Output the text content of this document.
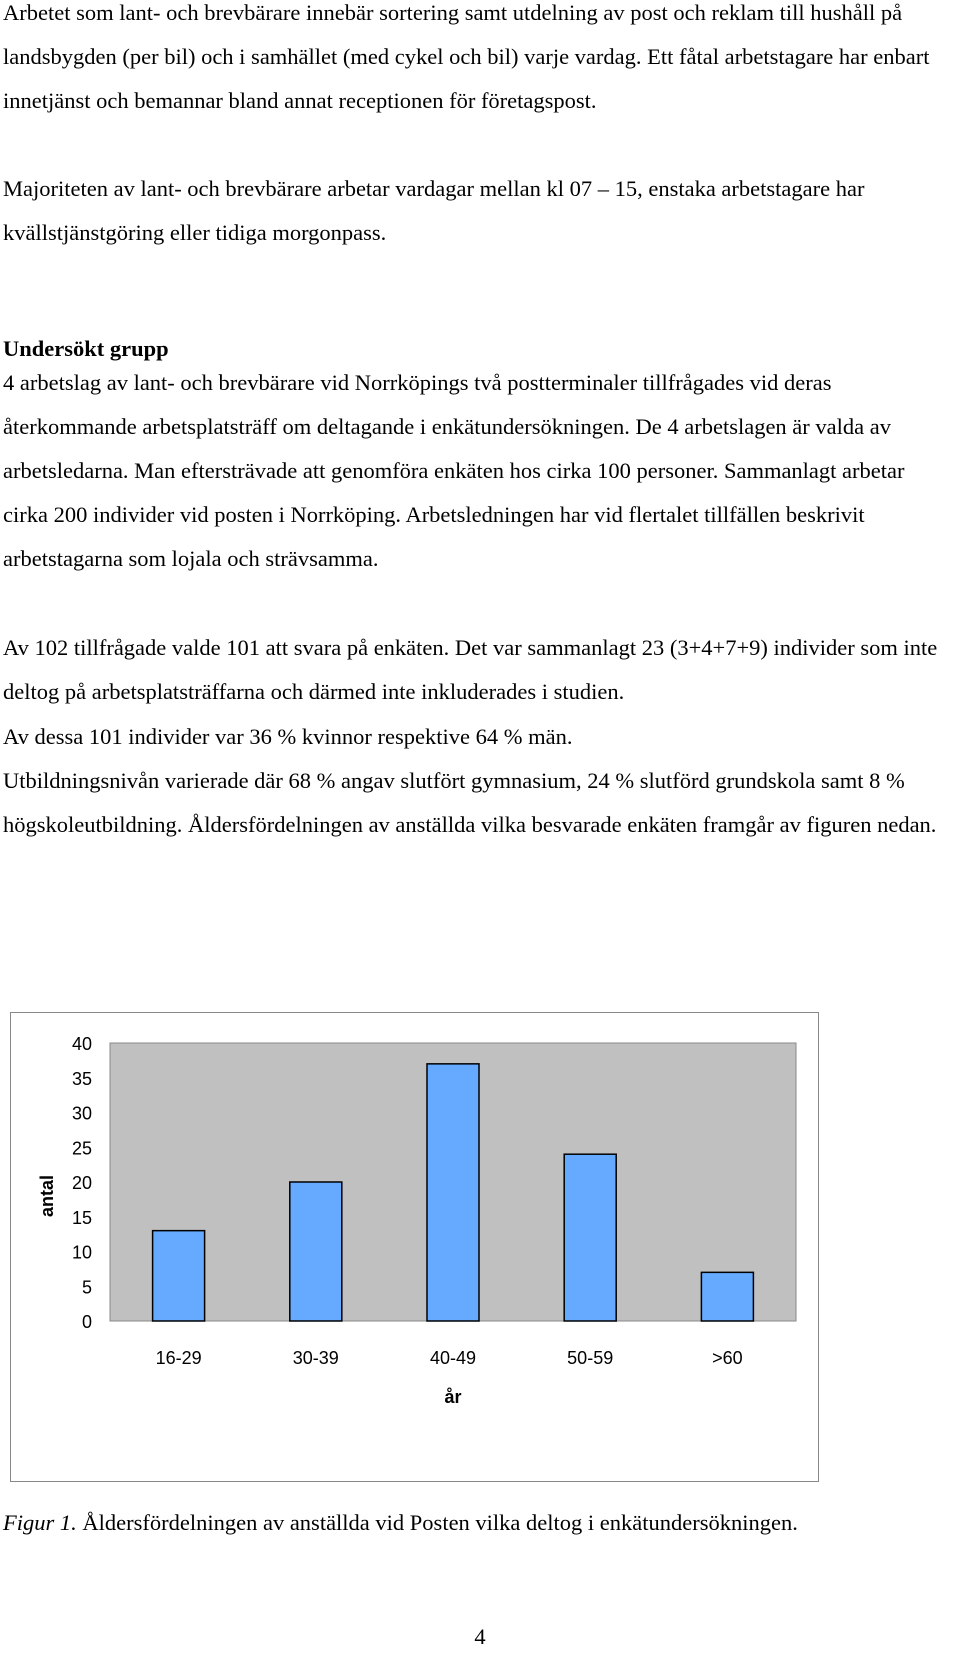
Arbetet som lant- och brevbärare innebär sortering samt utdelning av post och reklam till hushåll på landsbygden (per bil) och i samhället (med cykel och bil) varje vardag. Ett fåtal arbetstagare har enbart innetjänst och bemannar bland annat receptionen för företagspost.

Majoriteten av lant- och brevbärare arbetar vardagar mellan kl 07 – 15, enstaka arbetstagare har kvällstjänstgöring eller tidiga morgonpass.

Undersökt grupp

4 arbetslag av lant- och brevbärare vid Norrköpings två postterminaler tillfrågades vid deras återkommande arbetsplatsträff om deltagande i enkätundersökningen. De 4 arbetslagen är valda av arbetsledarna. Man eftersträvade att genomföra enkäten hos cirka 100 personer. Sammanlagt arbetar cirka 200 individer vid posten i Norrköping. Arbetsledningen har vid flertalet tillfällen beskrivit arbetstagarna som lojala och strävsamma.

Av 102 tillfrågade valde 101 att svara på enkäten. Det var sammanlagt 23 (3+4+7+9) individer som inte deltog på arbetsplatsträffarna och därmed inte inkluderades i studien.

Av dessa 101 individer var 36 % kvinnor respektive 64 % män.

Utbildningsnivån varierade där 68 % angav slutfört gymnasium, 24 % slutförd grundskola samt 8 % högskoleutbildning. Åldersfördelningen av anställda vilka besvarade enkäten framgår av figuren nedan.

0
5
10
15
20
25
30
35
40
16-29	30-39	40-49	50-59	>60
år
antal

Figur 1. Åldersfördelningen av anställda vid Posten vilka deltog i enkätundersökningen.

4
